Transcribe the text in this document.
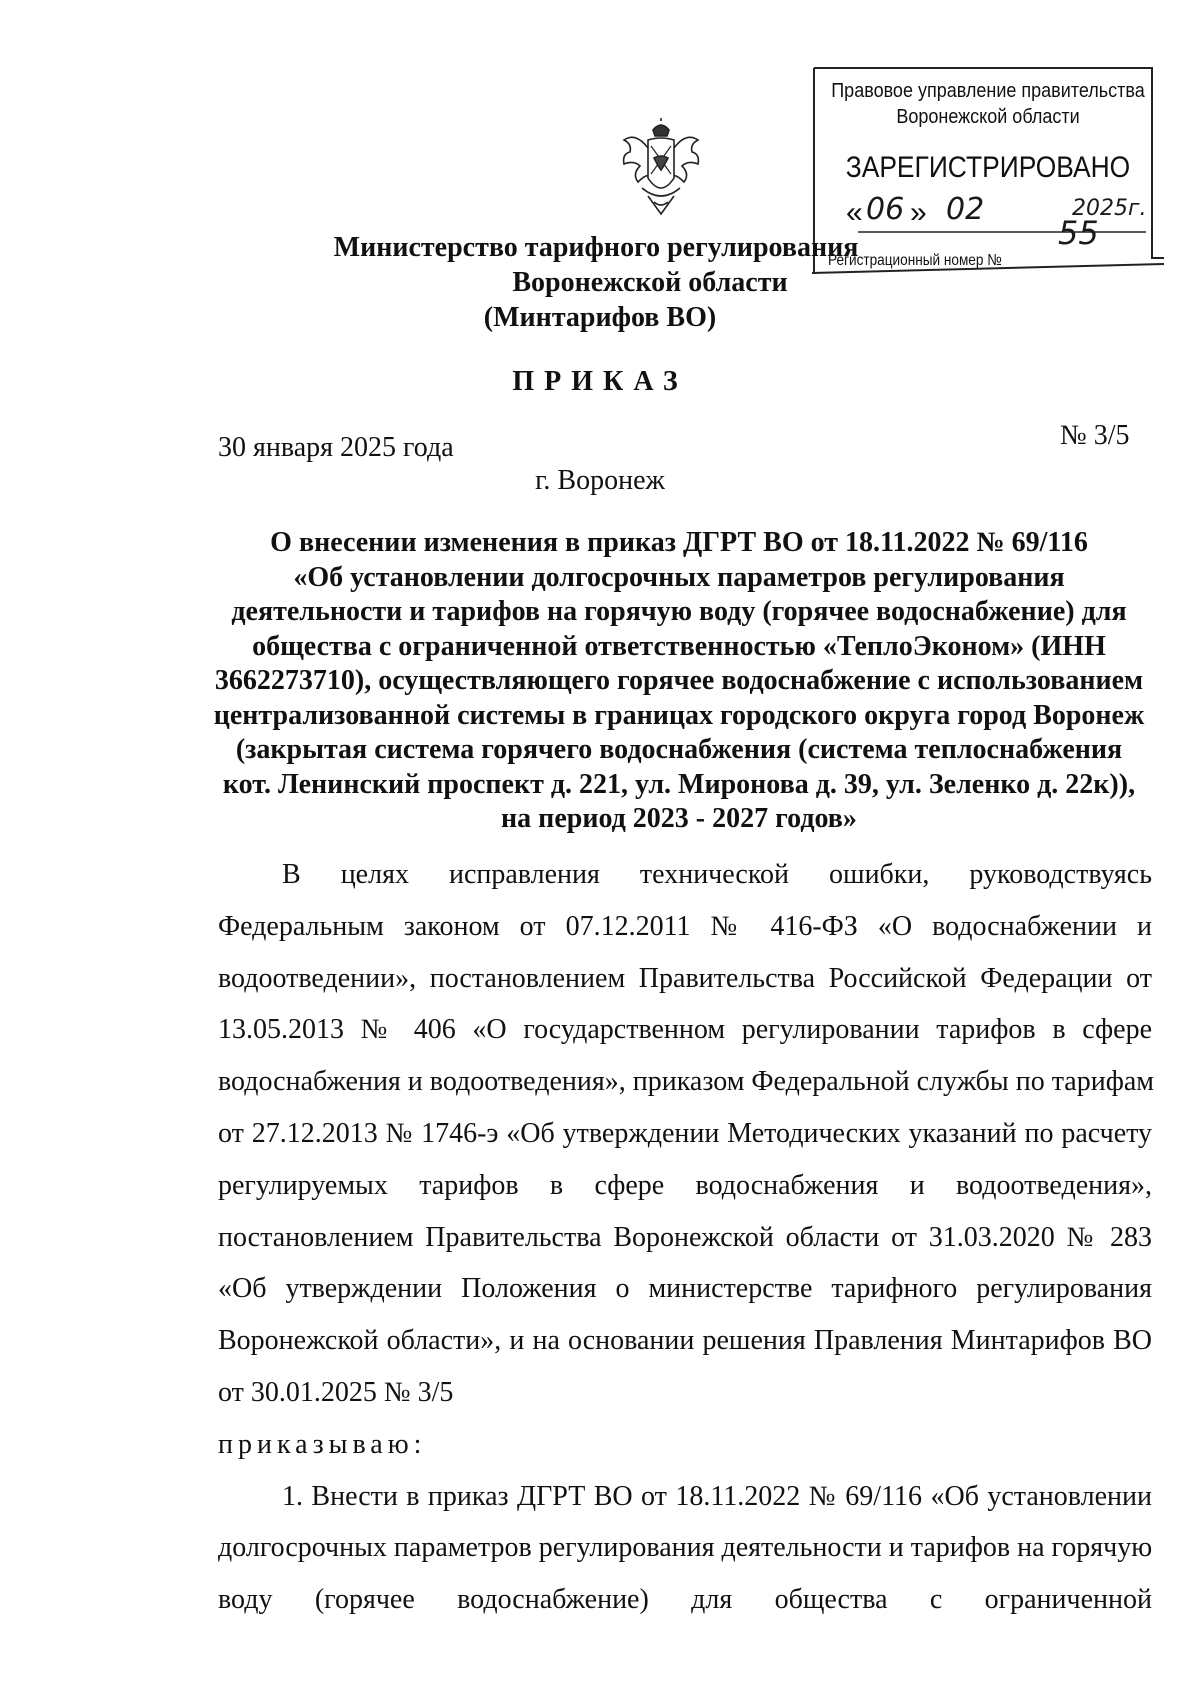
Правовое управление правительства
Воронежской области
ЗАРЕГИСТРИРОВАНО
« 06 » 02	2025г.
Регистрационный номер №
55
Министерство тарифного регулирования
Воронежской области
(Минтарифов ВО)
ПРИКАЗ
30 января 2025 года	№ 3/5
г. Воронеж
О внесении изменения в приказ ДГРТ ВО от 18.11.2022 № 69/116
«Об установлении долгосрочных параметров регулирования
деятельности и тарифов на горячую воду (горячее водоснабжение) для
общества с ограниченной ответственностью «ТеплоЭконом» (ИНН
3662273710), осуществляющего горячее водоснабжение с использованием
централизованной системы в границах городского округа город Воронеж
(закрытая система горячего водоснабжения (система теплоснабжения
кот. Ленинский проспект д. 221, ул. Миронова д. 39, ул. Зеленко д. 22к)),
на период 2023 - 2027 годов»
В целях исправления технической ошибки, руководствуясь
Федеральным законом от 07.12.2011 № 416-ФЗ «О водоснабжении и
водоотведении», постановлением Правительства Российской Федерации от
13.05.2013 № 406 «О государственном регулировании тарифов в сфере
водоснабжения и водоотведения», приказом Федеральной службы по тарифам
от 27.12.2013 № 1746-э «Об утверждении Методических указаний по расчету
регулируемых тарифов в сфере водоснабжения и водоотведения»,
постановлением Правительства Воронежской области от 31.03.2020 № 283
«Об утверждении Положения о министерстве тарифного регулирования
Воронежской области», и на основании решения Правления Минтарифов ВО
от 30.01.2025 № 3/5
приказываю:
1. Внести в приказ ДГРТ ВО от 18.11.2022 № 69/116 «Об установлении
долгосрочных параметров регулирования деятельности и тарифов на горячую
воду (горячее водоснабжение) для общества с ограниченной
